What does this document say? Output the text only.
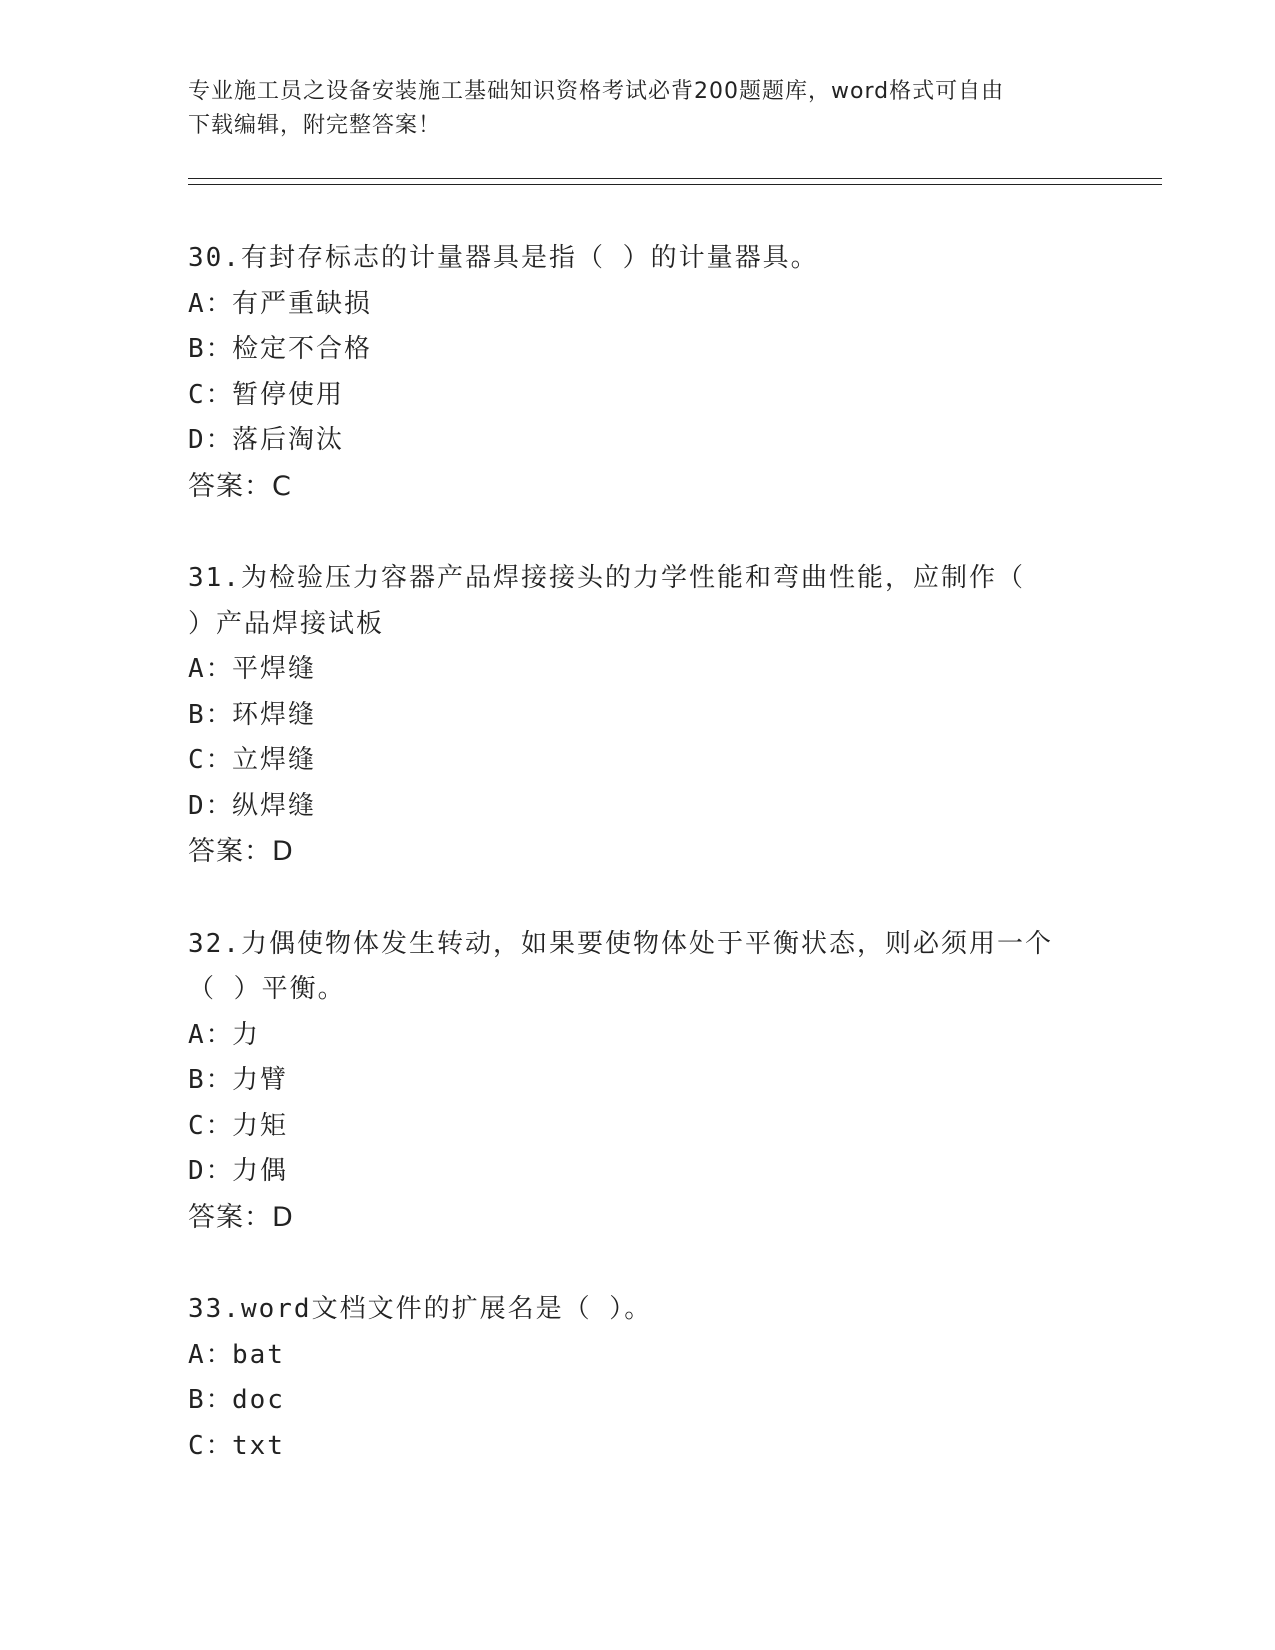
专业施工员之设备安装施工基础知识资格考试必背200题题库，word格式可自由
下载编辑，附完整答案！
30.有封存标志的计量器具是指（ ）的计量器具。
A：
有严重缺损
B：
检定不合格
C：
暂停使用
D：
落后淘汰
答案：C
31.为检验压力容器产品焊接接头的力学性能和弯曲性能，应制作（
）产品焊接试板
A：
平焊缝
B：
环焊缝
C：
立焊缝
D：
纵焊缝
答案：D
32.力偶使物体发生转动，如果要使物体处于平衡状态，则必须用一个
（ ）平衡。
A：
力
B：
力臂
C：
力矩
D：
力偶
答案：D
33.word文档文件的扩展名是（ ）。
A：
bat
B：
doc
C：
txt
